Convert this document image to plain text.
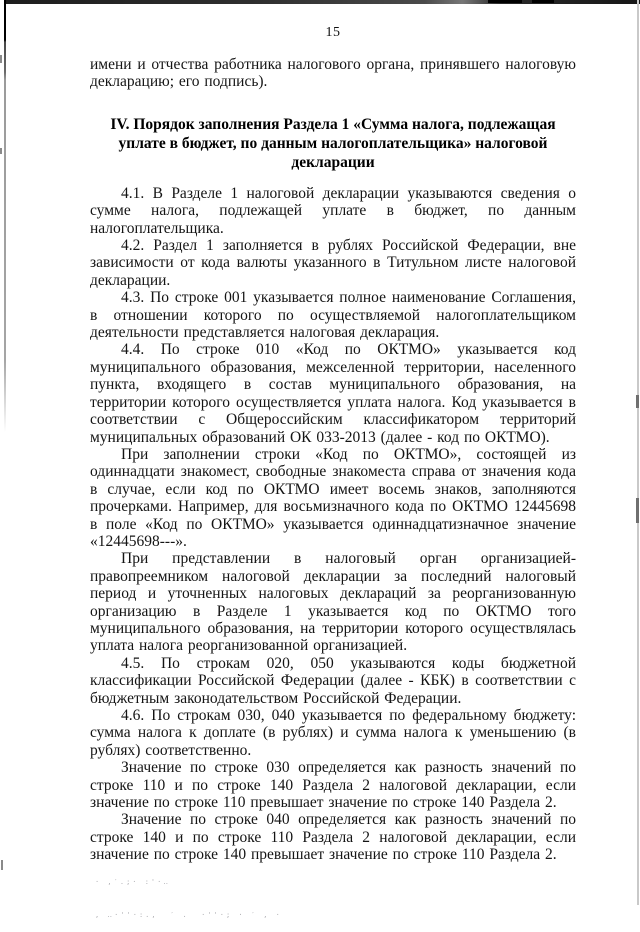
15

имени и отчества работника налогового органа, принявшего налоговую декларацию; его подпись).

IV. Порядок заполнения Раздела 1 «Сумма налога, подлежащая уплате в бюджет, по данным налогоплательщика» налоговой декларации

4.1. В Разделе 1 налоговой декларации указываются сведения о сумме налога, подлежащей уплате в бюджет, по данным налогоплательщика.

4.2. Раздел 1 заполняется в рублях Российской Федерации, вне зависимости от кода валюты указанного в Титульном листе налоговой декларации.

4.3. По строке 001 указывается полное наименование Соглашения, в отношении которого по осуществляемой налогоплательщиком деятельности представляется налоговая декларация.

4.4. По строке 010 «Код по ОКТМО» указывается код муниципального образования, межселенной территории, населенного пункта, входящего в состав муниципального образования, на территории которого осуществляется уплата налога. Код указывается в соответствии с Общероссийским классификатором территорий муниципальных образований ОК 033-2013 (далее - код по ОКТМО).

При заполнении строки «Код по ОКТМО», состоящей из одиннадцати знакомест, свободные знакоместа справа от значения кода в случае, если код по ОКТМО имеет восемь знаков, заполняются прочерками. Например, для восьмизначного кода по ОКТМО 12445698 в поле «Код по ОКТМО» указывается одиннадцатизначное значение «12445698---».

При представлении в налоговый орган организацией-правопреемником налоговой декларации за последний налоговый период и уточненных налоговых деклараций за реорганизованную организацию в Разделе 1 указывается код по ОКТМО того муниципального образования, на территории которого осуществлялась уплата налога реорганизованной организацией.

4.5. По строкам 020, 050 указываются коды бюджетной классификации Российской Федерации (далее - КБК) в соответствии с бюджетным законодательством Российской Федерации.

4.6. По строкам 030, 040 указывается по федеральному бюджету: сумма налога к доплате (в рублях) и сумма налога к уменьшению (в рублях) соответственно.

Значение по строке 030 определяется как разность значений по строке 110 и по строке 140 Раздела 2 налоговой декларации, если значение по строке 110 превышает значение по строке 140 Раздела 2.

Значение по строке 040 определяется как разность значений по строке 140 и по строке 110 Раздела 2 налоговой декларации, если значение по строке 140 превышает значение по строке 110 Раздела 2.

· ,′.;· :'·‥

, ‥·''·:.,  ′ .  ·''·; · ′ , ·
